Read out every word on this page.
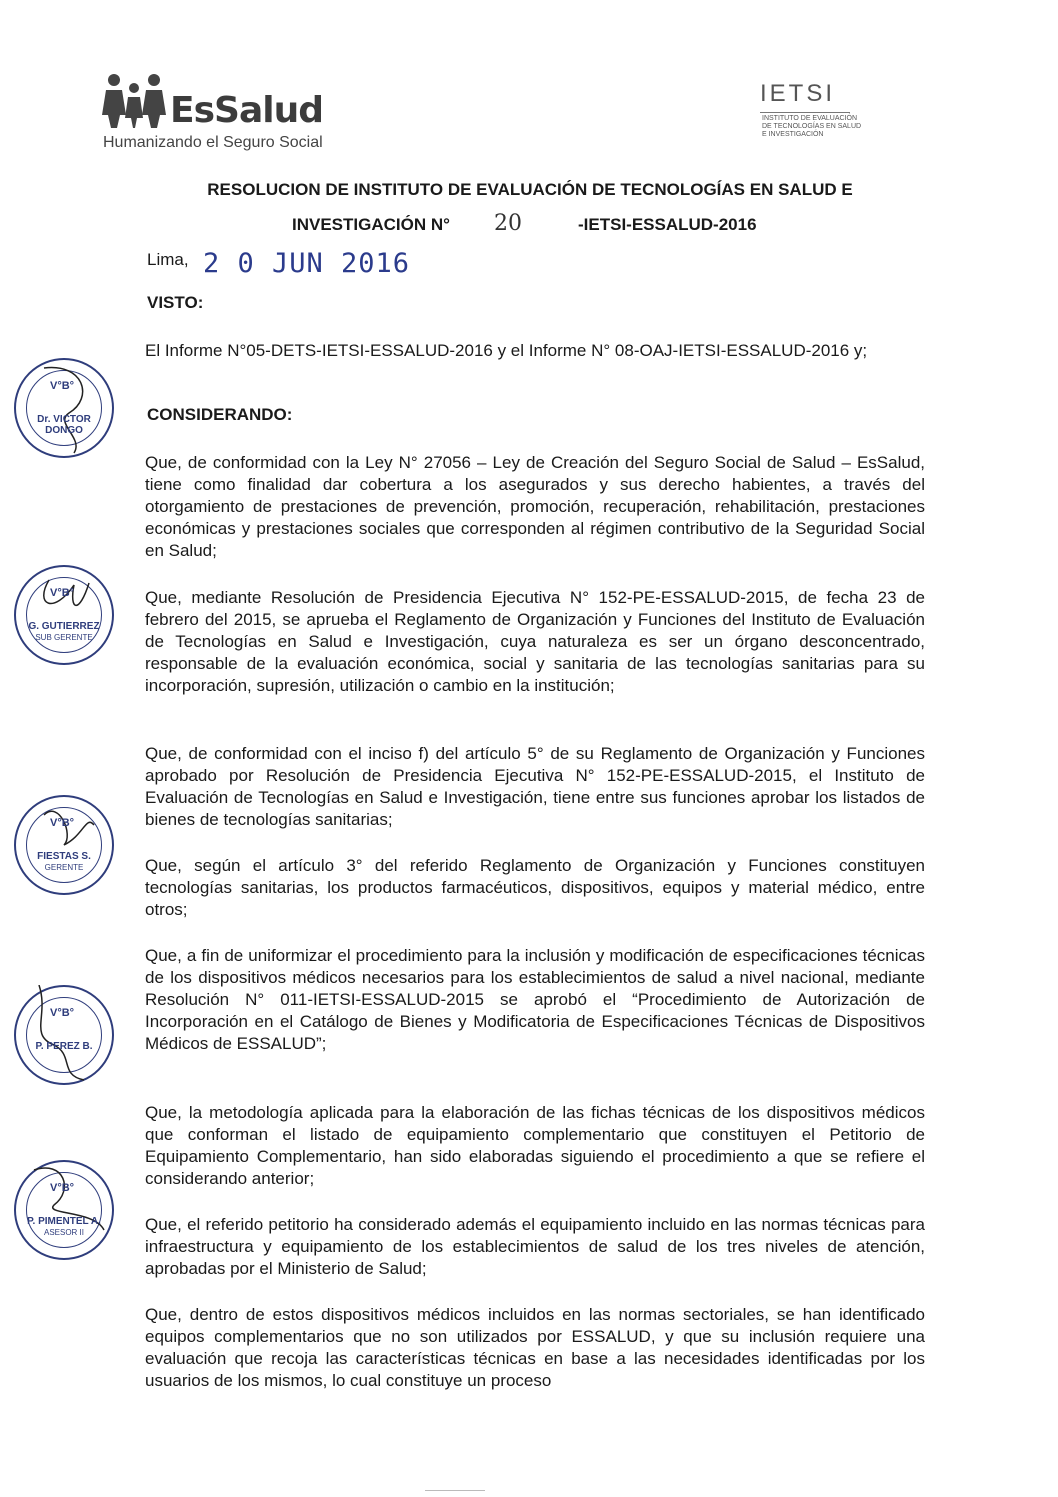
EsSalud
Humanizando el Seguro Social
IETSI
INSTITUTO DE EVALUACIÓN DE TECNOLOGÍAS EN SALUD E INVESTIGACIÓN
RESOLUCION DE INSTITUTO DE EVALUACIÓN DE TECNOLOGÍAS EN SALUD E
INVESTIGACIÓN N° 20	-IETSI-ESSALUD-2016
Lima, 2 0 JUN 2016
VISTO:
El Informe N°05-DETS-IETSI-ESSALUD-2016 y el Informe N° 08-OAJ-IETSI-ESSALUD-2016 y;
CONSIDERANDO:
Que, de conformidad con la Ley N° 27056 – Ley de Creación del Seguro Social de Salud – EsSalud, tiene como finalidad dar cobertura a los asegurados y sus derecho habientes, a través del otorgamiento de prestaciones de prevención, promoción, recuperación, rehabilitación, prestaciones económicas y prestaciones sociales que corresponden al régimen contributivo de la Seguridad Social en Salud;
Que, mediante Resolución de Presidencia Ejecutiva N° 152-PE-ESSALUD-2015, de fecha 23 de febrero del 2015, se aprueba el Reglamento de Organización y Funciones del Instituto de Evaluación de Tecnologías en Salud e Investigación, cuya naturaleza es ser un órgano desconcentrado, responsable de la evaluación económica, social y sanitaria de las tecnologías sanitarias para su incorporación, supresión, utilización o cambio en la institución;
Que, de conformidad con el inciso f) del artículo 5° de su Reglamento de Organización y Funciones aprobado por Resolución de Presidencia Ejecutiva N° 152-PE-ESSALUD-2015, el Instituto de Evaluación de Tecnologías en Salud e Investigación, tiene entre sus funciones aprobar los listados de bienes de tecnologías sanitarias;
Que, según el artículo 3° del referido Reglamento de Organización y Funciones constituyen tecnologías sanitarias, los productos farmacéuticos, dispositivos, equipos y material médico, entre otros;
Que, a fin de uniformizar el procedimiento para la inclusión y modificación de especificaciones técnicas de los dispositivos médicos necesarios para los establecimientos de salud a nivel nacional, mediante Resolución N° 011-IETSI-ESSALUD-2015 se aprobó el “Procedimiento de Autorización de Incorporación en el Catálogo de Bienes y Modificatoria de Especificaciones Técnicas de Dispositivos Médicos de ESSALUD”;
Que, la metodología aplicada para la elaboración de las fichas técnicas de los dispositivos médicos que conforman el listado de equipamiento complementario que constituyen el Petitorio de Equipamiento Complementario, han sido elaboradas siguiendo el procedimiento a que se refiere el considerando anterior;
Que, el referido petitorio ha considerado además el equipamiento incluido en las normas técnicas para infraestructura y equipamiento de los establecimientos de salud de los tres niveles de atención, aprobadas por el Ministerio de Salud;
Que, dentro de estos dispositivos médicos incluidos en las normas sectoriales, se han identificado equipos complementarios que no son utilizados por ESSALUD, y que su inclusión requiere una evaluación que recoja las características técnicas en base a las necesidades identificadas por los usuarios de los mismos, lo cual constituye un proceso
V°B°
Dr. VICTOR DONGO
V°B°
G. GUTIERREZ
SUB GERENTE
V°B°
FIESTAS S.
GERENTE
V°B°
P. PEREZ B.
V°B°
P. PIMENTEL A.
ASESOR II
